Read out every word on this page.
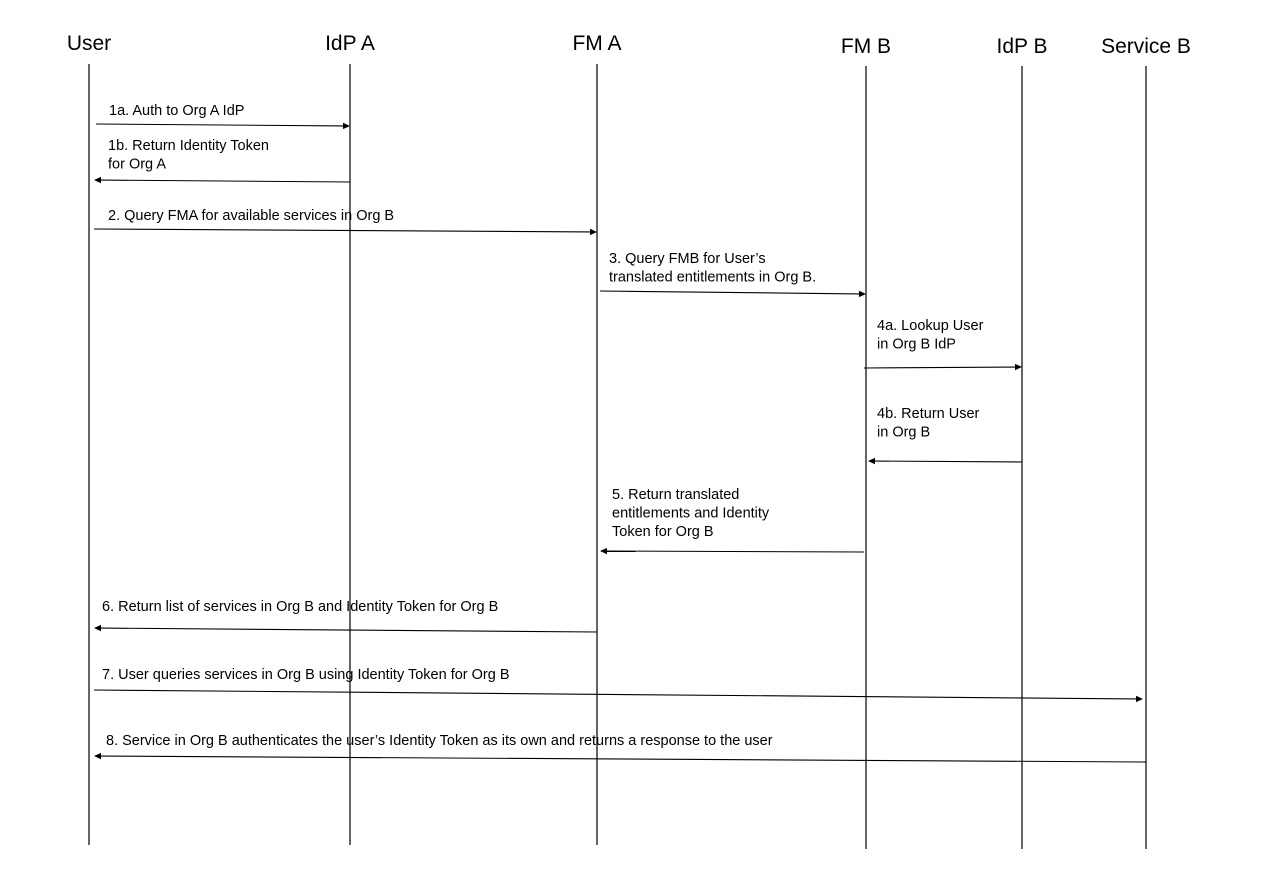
User	IdP A	FM A	FM B	IdP B	Service B
1a. Auth to Org A IdP
1b. Return Identity Token
for Org A
2. Query FMA for available services in Org B
3. Query FMB for User’s
translated entitlements in Org B.
4a. Lookup User
in Org B IdP
4b. Return User
in Org B
5. Return translated
entitlements and Identity
Token for Org B
6. Return list of services in Org B and Identity Token for Org B
7. User queries services in Org B using Identity Token for Org B
8. Service in Org B authenticates the user’s Identity Token as its own and returns a response to the user
